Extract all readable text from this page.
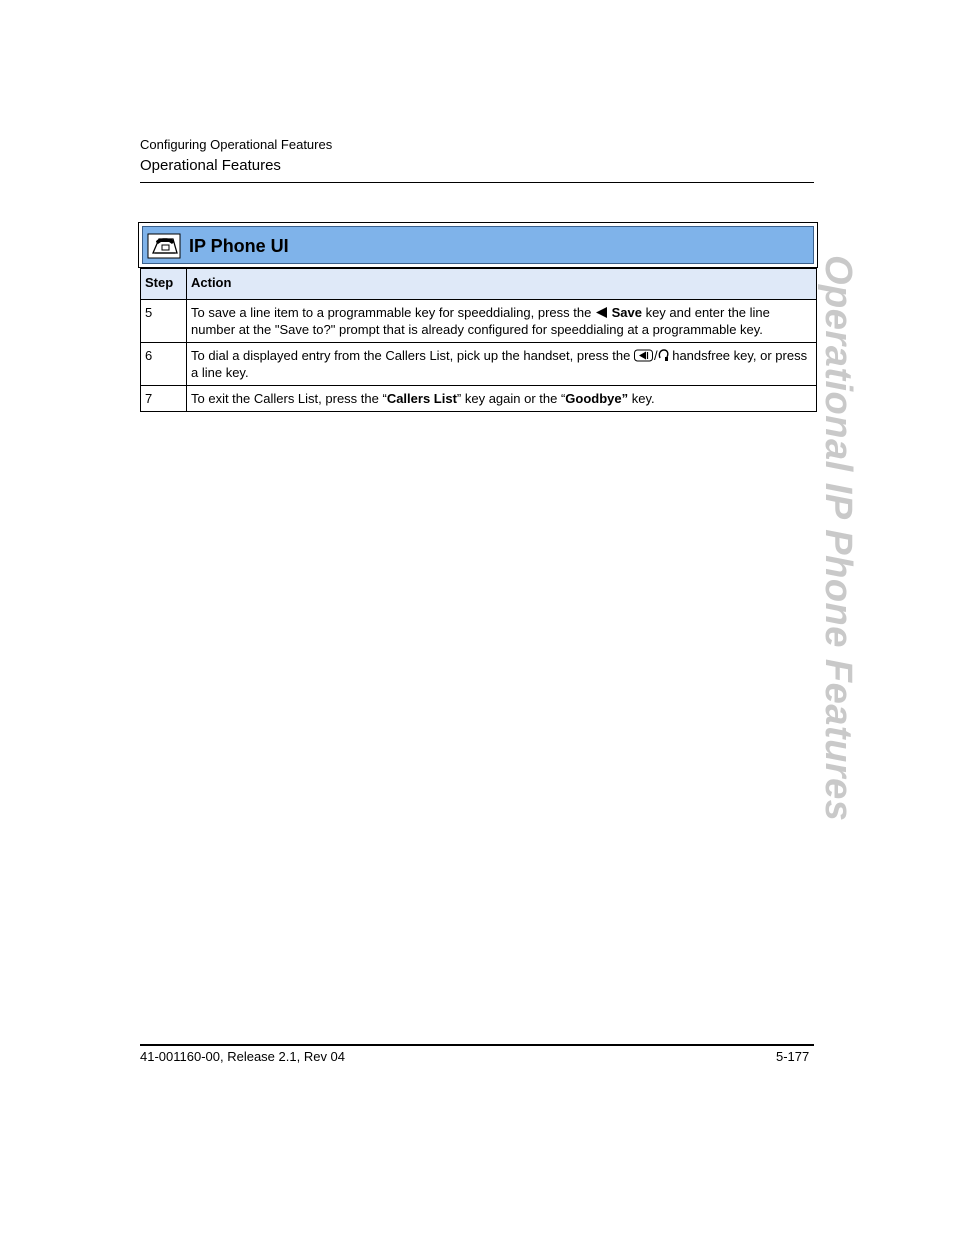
Configuring Operational Features
Operational Features
IP Phone UI
Step	Action
5	To save a line item to a programmable key for speeddialing, press the Save key and enter the line number at the "Save to?" prompt that is already configured for speeddialing at a programmable key.
6	To dial a displayed entry from the Callers List, pick up the handset, press the / handsfree key, or press a line key.
7	To exit the Callers List, press the “Callers List” key again or the “Goodbye” key.	Operational IP Phone Features
41-001160-00, Release 2.1, Rev 04	5-177
